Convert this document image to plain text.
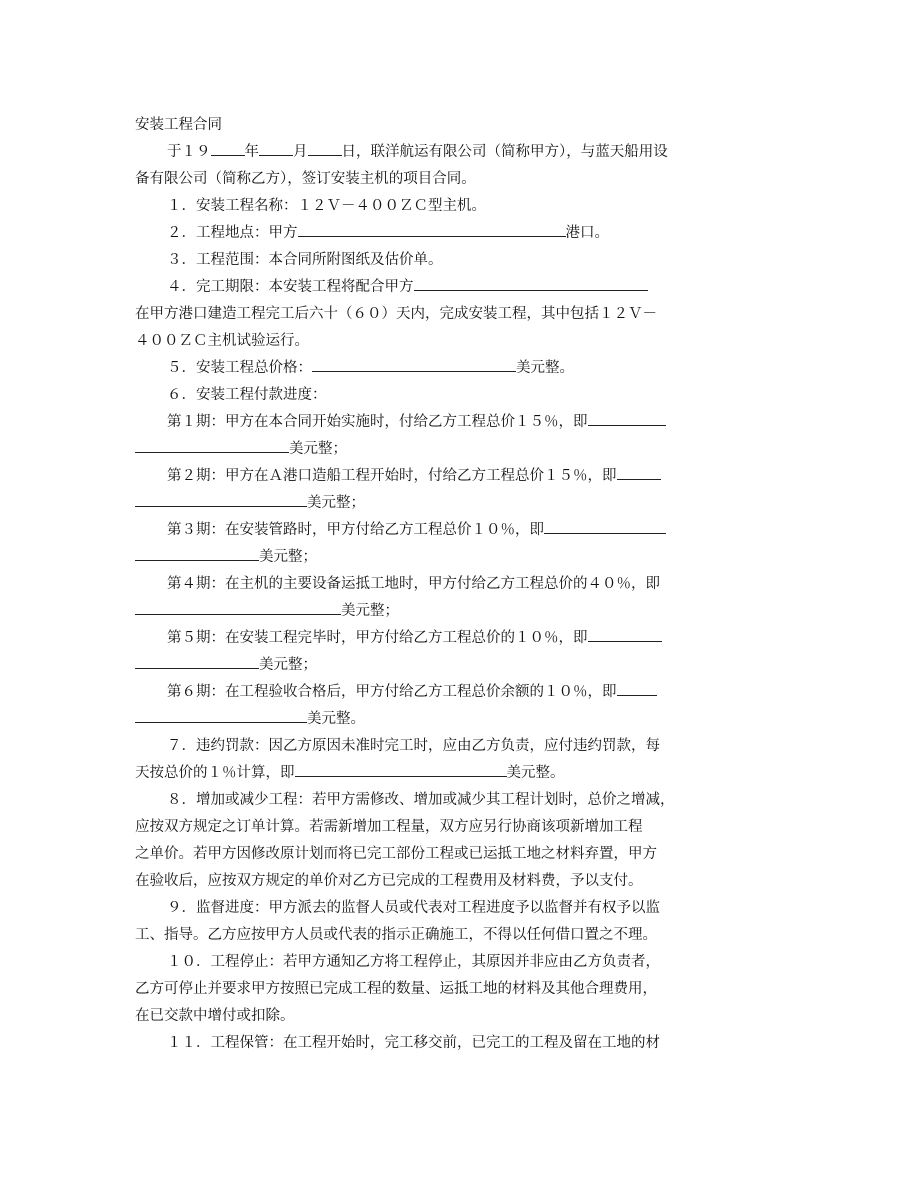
安装工程合同
于１９ 年 月 日，联洋航运有限公司（简称甲方），与蓝天船用设
备有限公司（简称乙方），签订安装主机的项目合同。
１．安装工程名称：１２Ｖ－４００ＺＣ型主机。
２．工程地点：甲方	港口。
３．工程范围：本合同所附图纸及估价单。
４．完工期限：本安装工程将配合甲方
在甲方港口建造工程完工后六十（６０）天内，完成安装工程，其中包括１２Ｖ－
４００ＺＣ主机试验运行。
５．安装工程总价格：	美元整。
６．安装工程付款进度：
第１期：甲方在本合同开始实施时，付给乙方工程总价１５％，即
美元整；
第２期：甲方在Ａ港口造船工程开始时，付给乙方工程总价１５％，即
美元整；
第３期：在安装管路时，甲方付给乙方工程总价１０％，即
美元整；
第４期：在主机的主要设备运抵工地时，甲方付给乙方工程总价的４０％，即
美元整；
第５期：在安装工程完毕时，甲方付给乙方工程总价的１０％，即
美元整；
第６期：在工程验收合格后，甲方付给乙方工程总价余额的１０％，即
美元整。
７．违约罚款：因乙方原因未准时完工时，应由乙方负责，应付违约罚款，每
天按总价的１％计算，即	美元整。
８．增加或减少工程：若甲方需修改、增加或减少其工程计划时，总价之增减，
应按双方规定之订单计算。若需新增加工程量，双方应另行协商该项新增加工程
之单价。若甲方因修改原计划而将已完工部份工程或已运抵工地之材料弃置，甲方
在验收后，应按双方规定的单价对乙方已完成的工程费用及材料费，予以支付。
９．监督进度：甲方派去的监督人员或代表对工程进度予以监督并有权予以监
工、指导。乙方应按甲方人员或代表的指示正确施工，不得以任何借口置之不理。
１０．工程停止：若甲方通知乙方将工程停止，其原因并非应由乙方负责者，
乙方可停止并要求甲方按照已完成工程的数量、运抵工地的材料及其他合理费用，
在已交款中增付或扣除。
１１．工程保管：在工程开始时，完工移交前，已完工的工程及留在工地的材
